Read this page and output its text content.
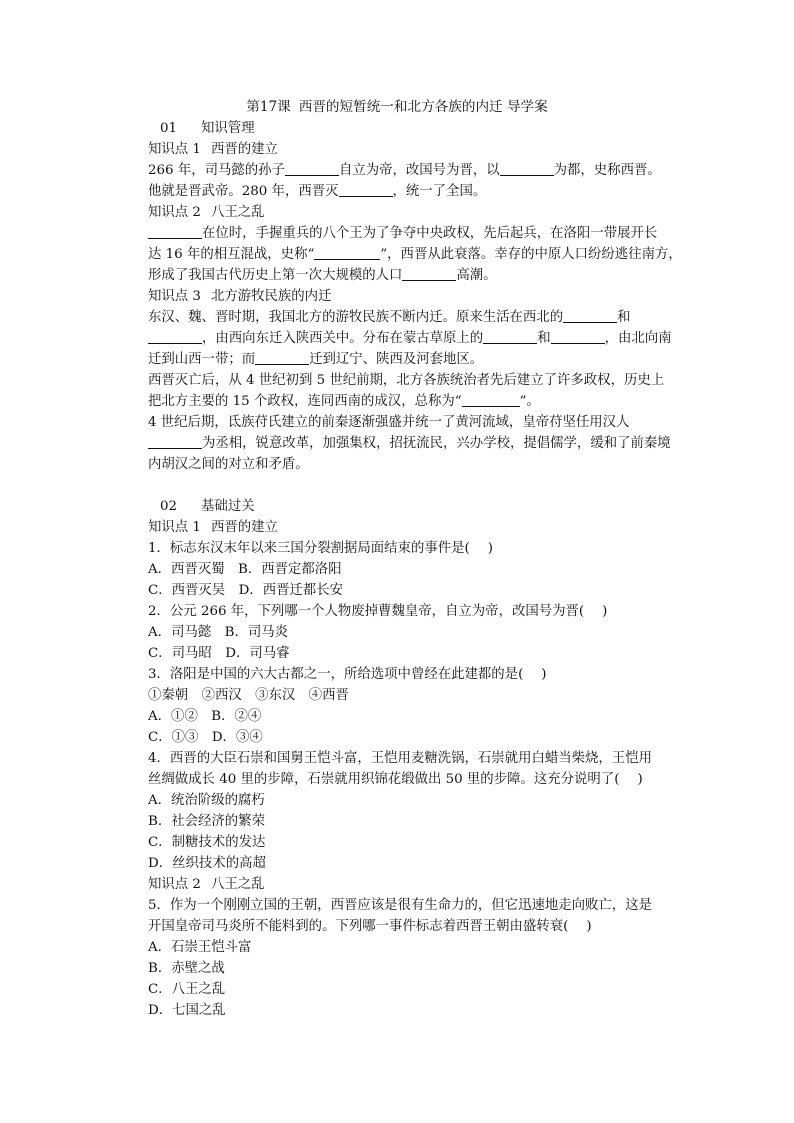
第17课 西晋的短暂统一和北方各族的内迁 导学案
01 知识管理
知识点 1 西晋的建立
266 年，司马懿的孙子	自立为帝，改国号为晋，以	为都，史称西晋。
他就是晋武帝。280 年，西晋灭	，统一了全国。
知识点 2 八王之乱
在位时，手握重兵的八个王为了争夺中央政权，先后起兵，在洛阳一带展开长
达 16 年的相互混战，史称“	”，西晋从此衰落。幸存的中原人口纷纷逃往南方，
形成了我国古代历史上第一次大规模的人口	高潮。
知识点 3 北方游牧民族的内迁
东汉、魏、晋时期，我国北方的游牧民族不断内迁。原来生活在西北的	和
，由西向东迁入陕西关中。分布在蒙古草原上的	和	，由北向南
迁到山西一带；而	迁到辽宁、陕西及河套地区。
西晋灭亡后，从 4 世纪初到 5 世纪前期，北方各族统治者先后建立了许多政权，历史上
把北方主要的 15 个政权，连同西南的成汉，总称为“	”。
4 世纪后期，氐族苻氏建立的前秦逐渐强盛并统一了黄河流域，皇帝苻坚任用汉人
为丞相，锐意改革，加强集权，招抚流民，兴办学校，提倡儒学，缓和了前秦境
内胡汉之间的对立和矛盾。
02 基础过关
知识点 1 西晋的建立
1．标志东汉末年以来三国分裂割据局面结束的事件是( )
A．西晋灭蜀　 B．西晋定都洛阳
C．西晋灭吴　 D．西晋迁都长安
2．公元 266 年，下列哪一个人物废掉曹魏皇帝，自立为帝，改国号为晋( )
A．司马懿　 B．司马炎
C．司马昭　 D．司马睿
3．洛阳是中国的六大古都之一，所给选项中曾经在此建都的是( )
①秦朝　②西汉　③东汉　④西晋
A．①②　 B．②④
C．①③　 D．③④
4．西晋的大臣石崇和国舅王恺斗富，王恺用麦糖洗锅，石崇就用白蜡当柴烧，王恺用
丝绸做成长 40 里的步障，石崇就用织锦花缎做出 50 里的步障。这充分说明了( )
A．统治阶级的腐朽
B．社会经济的繁荣
C．制糖技术的发达
D．丝织技术的高超
知识点 2 八王之乱
5．作为一个刚刚立国的王朝，西晋应该是很有生命力的，但它迅速地走向败亡，这是
开国皇帝司马炎所不能料到的。下列哪一事件标志着西晋王朝由盛转衰( )
A．石崇王恺斗富
B．赤壁之战
C．八王之乱
D．七国之乱
